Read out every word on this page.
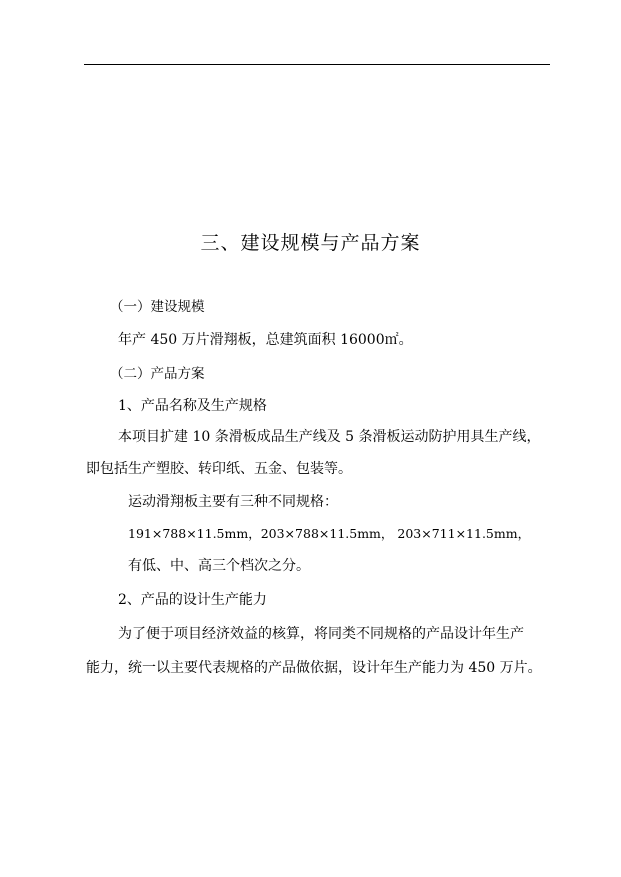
三、建设规模与产品方案
（一）建设规模
年产 450 万片滑翔板，总建筑面积 16000㎡。
（二）产品方案
1、产品名称及生产规格
本项目扩建 10 条滑板成品生产线及 5 条滑板运动防护用具生产线，
即包括生产塑胶、转印纸、五金、包装等。
运动滑翔板主要有三种不同规格：
191×788×11.5mm，203×788×11.5mm， 203×711×11.5mm，
有低、中、高三个档次之分。
2、产品的设计生产能力
为了便于项目经济效益的核算，将同类不同规格的产品设计年生产
能力，统一以主要代表规格的产品做依据，设计年生产能力为 450 万片。
